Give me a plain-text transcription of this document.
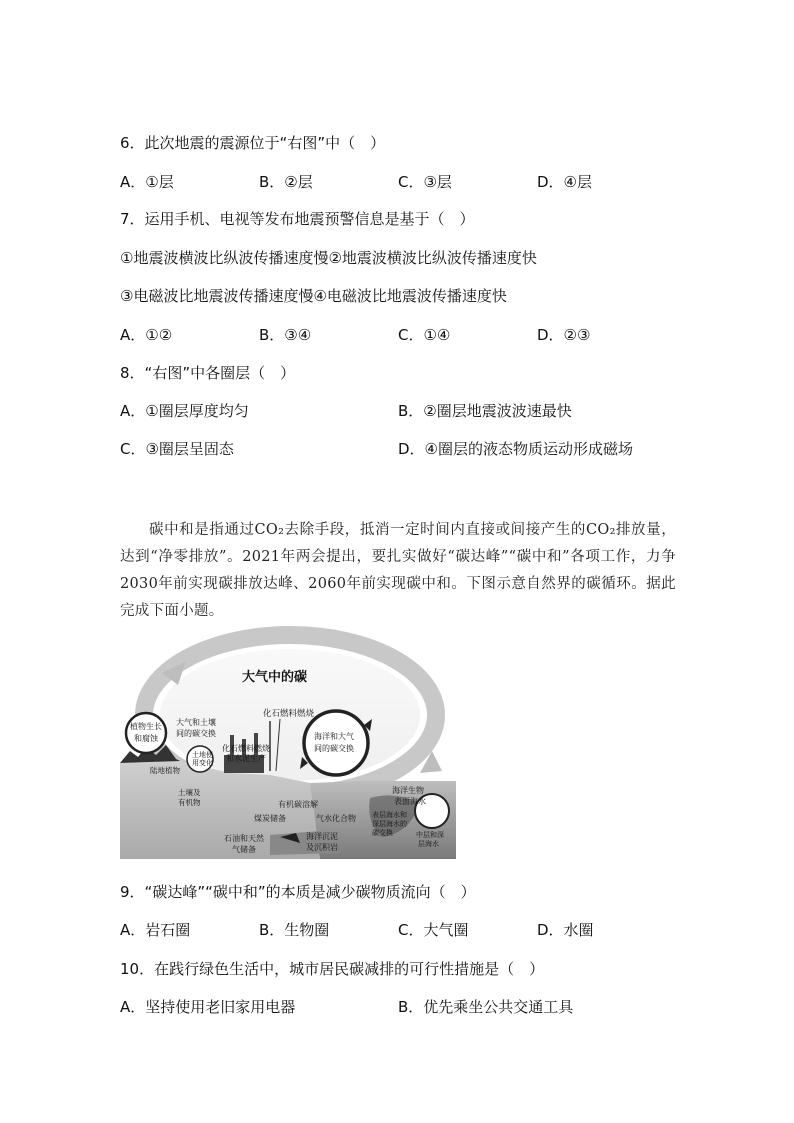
6．此次地震的震源位于“右图”中（　）
A．①层	B．②层	C．③层	D．④层
7．运用手机、电视等发布地震预警信息是基于（　）
①地震波横波比纵波传播速度慢②地震波横波比纵波传播速度快
③电磁波比地震波传播速度慢④电磁波比地震波传播速度快
A．①②	B．③④	C．①④	D．②③
8．“右图”中各圈层（　）
A．①圈层厚度均匀	B．②圈层地震波波速最快
C．③圈层呈固态	D．④圈层的液态物质运动形成磁场

碳中和是指通过CO₂去除手段，抵消一定时间内直接或间接产生的CO₂排放量，达到“净零排放”。2021年两会提出，要扎实做好“碳达峰”“碳中和”各项工作，力争2030年前实现碳排放达峰、2060年前实现碳中和。下图示意自然界的碳循环。据此完成下面小题。

大气中的碳
化石燃料燃烧
植物生长和腐蚀
大气和土壤间的碳交换
土地使用变化
化石燃料燃烧和水泥生产
陆地植物
土壤及有机物
海洋和大气间的碳交换
海洋生物
表面海水
有机碳溶解
气水化合物 表层海水和深层海水的碳交换	中层和深层海水
煤炭储备
石油和天然气储备
海洋沉泥及沉积岩
9．“碳达峰”“碳中和”的本质是减少碳物质流向（　）
A．岩石圈	B．生物圈	C．大气圈	D．水圈
10．在践行绿色生活中，城市居民碳减排的可行性措施是（　）
A．坚持使用老旧家用电器	B．优先乘坐公共交通工具
